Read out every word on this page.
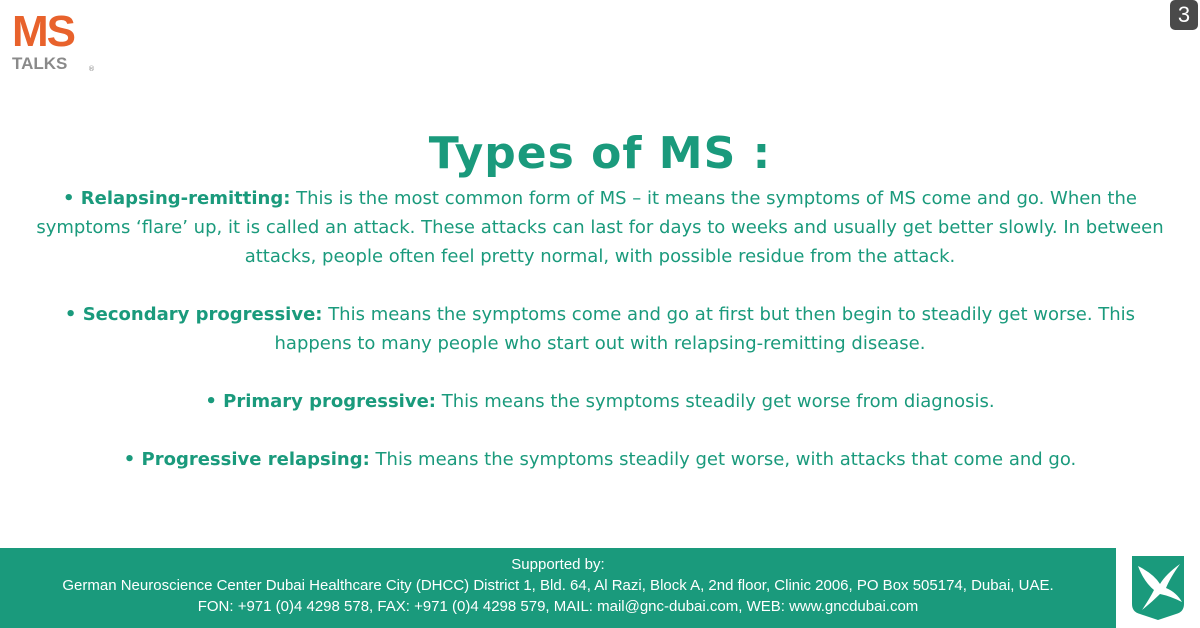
MS
TALKS	®
3
Types of MS :
• Relapsing-remitting: This is the most common form of MS – it means the symptoms of MS come and go. When the symptoms ‘flare’ up, it is called an attack. These attacks can last for days to weeks and usually get better slowly. In between attacks, people often feel pretty normal, with possible residue from the attack.
• Secondary progressive: This means the symptoms come and go at first but then begin to steadily get worse. This happens to many people who start out with relapsing-remitting disease.
• Primary progressive: This means the symptoms steadily get worse from diagnosis.
• Progressive relapsing: This means the symptoms steadily get worse, with attacks that come and go.
Supported by:
German Neuroscience Center Dubai Healthcare City (DHCC) District 1, Bld. 64, Al Razi, Block A, 2nd floor, Clinic 2006, PO Box 505174, Dubai, UAE.
FON: +971 (0)4 4298 578, FAX: +971 (0)4 4298 579, MAIL: mail@gnc-dubai.com, WEB: www.gncdubai.com
